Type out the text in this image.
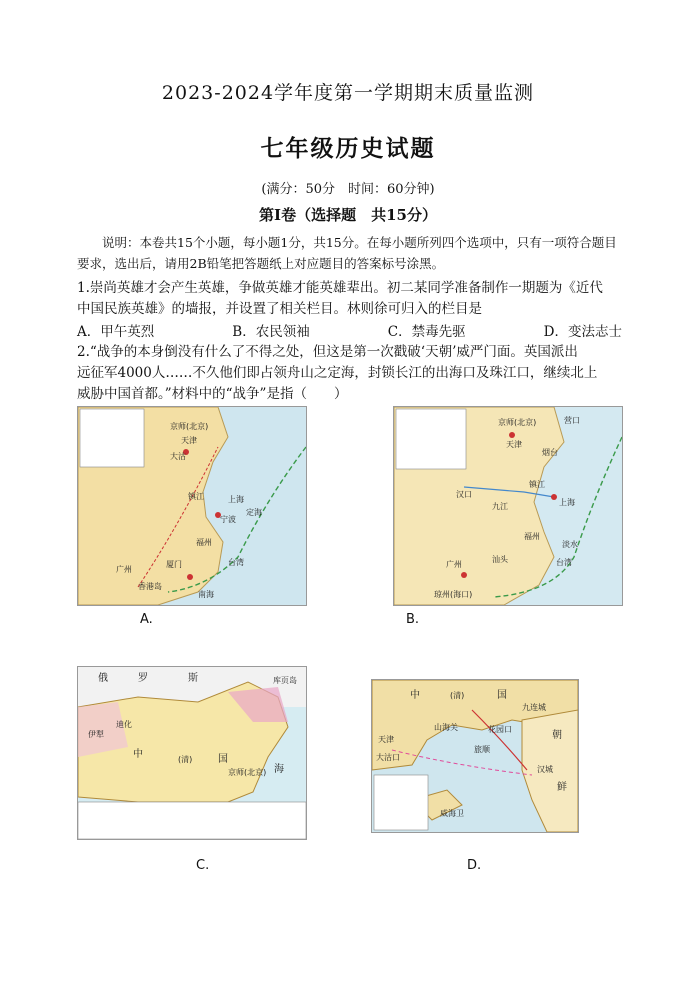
2023-2024学年度第一学期期末质量监测
七年级历史试题
(满分：50分　时间：60分钟)
第Ⅰ卷（选择题　共15分）
说明：本卷共15个小题，每小题1分，共15分。在每小题所列四个选项中，只有一项符合题目要求，选出后，请用2B铅笔把答题纸上对应题目的答案标号涂黑。
1.崇尚英雄才会产生英雄，争做英雄才能英雄辈出。初二某同学准备制作一期题为《近代
中国民族英雄》的墙报，并设置了相关栏目。林则徐可归入的栏目是
A．甲午英烈	B．农民领袖	C．禁毒先驱	D．变法志士
2.“战争的本身倒没有什么了不得之处，但这是第一次戳破‘天朝’威严门面。英国派出
远征军4000人……不久他们即占领舟山之定海，封锁长江的出海口及珠江口，继续北上
威胁中国首都。”材料中的“战争”是指（　　）
京师(北京)
天津
大沽
上海
宁波
镇江
定海
福州
台湾
广州
厦门
香港岛
南海
A.
京师(北京)	营口
天津
烟台
上海
镇江
汉口
九江
福州
淡水
台湾
汕头
广州
琼州(海口)
B.
俄	罗	斯	库页岛
中	(清)	国
京师(北京) 海
伊犁
迪化
C.
中	(清)	国
朝
鲜
山海关
天津
大沽口
旅顺
威海卫
汉城
花园口
九连城
D.
